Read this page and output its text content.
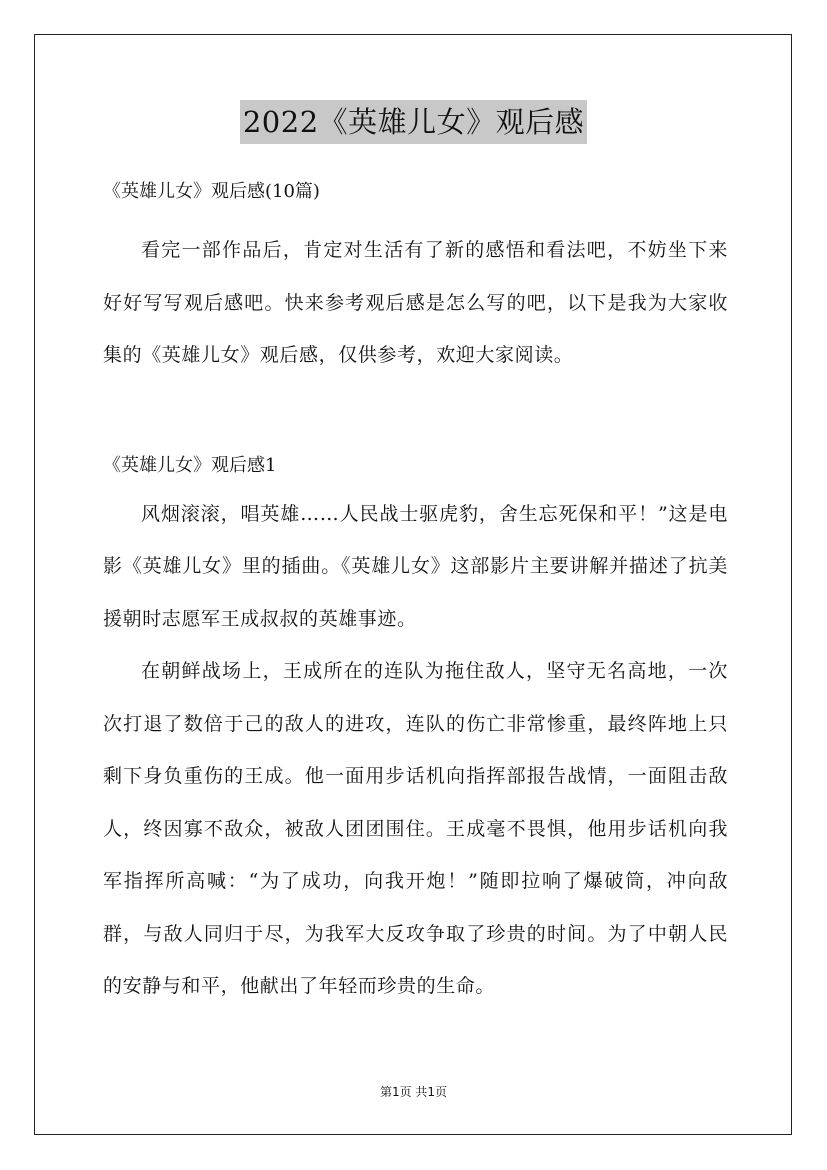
2022《英雄儿女》观后感

《英雄儿女》观后感(10篇)

看完一部作品后，肯定对生活有了新的感悟和看法吧，不妨坐下来好好写写观后感吧。快来参考观后感是怎么写的吧，以下是我为大家收集的《英雄儿女》观后感，仅供参考，欢迎大家阅读。

《英雄儿女》观后感1

风烟滚滚，唱英雄……人民战士驱虎豹，舍生忘死保和平！”这是电影《英雄儿女》里的插曲。《英雄儿女》这部影片主要讲解并描述了抗美援朝时志愿军王成叔叔的英雄事迹。

在朝鲜战场上，王成所在的连队为拖住敌人，坚守无名高地，一次次打退了数倍于己的敌人的进攻，连队的伤亡非常惨重，最终阵地上只剩下身负重伤的王成。他一面用步话机向指挥部报告战情，一面阻击敌人，终因寡不敌众，被敌人团团围住。王成毫不畏惧，他用步话机向我军指挥所高喊：“为了成功，向我开炮！”随即拉响了爆破筒，冲向敌群，与敌人同归于尽，为我军大反攻争取了珍贵的时间。为了中朝人民的安静与和平，他献出了年轻而珍贵的生命。

第1页 共1页
